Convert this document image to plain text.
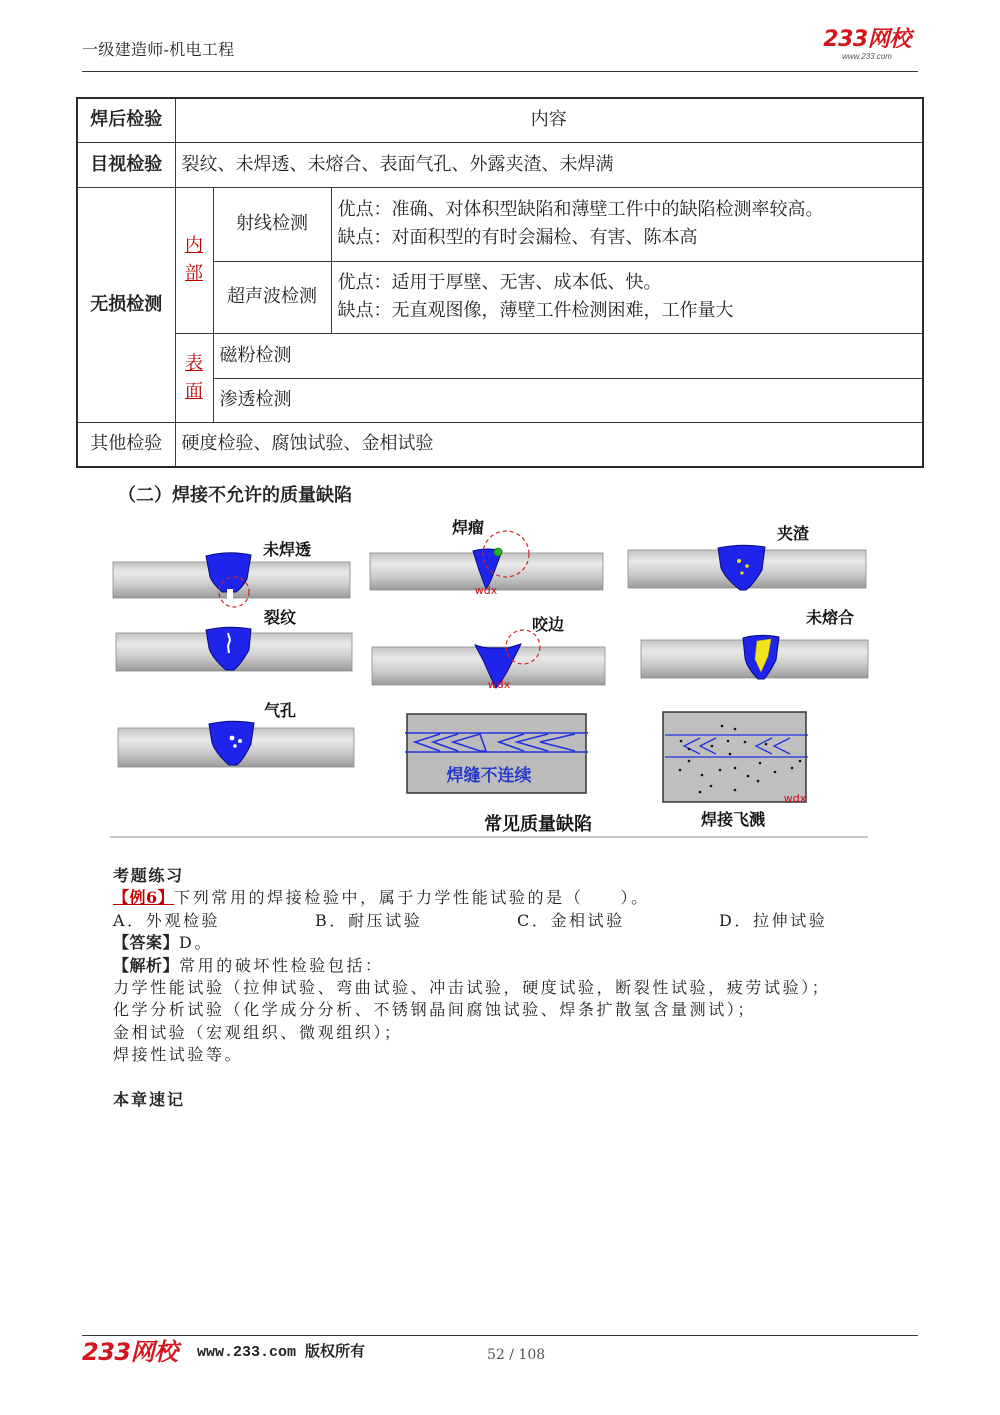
一级建造师-机电工程	233网校
www.233.com
焊后检验	内容		
目视检验	裂纹、未焊透、未熔合、表面气孔、外露夹渣、未焊满		
无损检测	内部	射线检测	优点：准确、对体积型缺陷和薄壁工件中的缺陷检测率较高。
缺点：对面积型的有时会漏检、有害、陈本高

		超声波检测	优点：适用于厚壁、无害、成本低、快。
缺点：无直观图像，薄壁工件检测困难，工作量大

	表面	磁粉检测	
		渗透检测	
其他检验	硬度检验、腐蚀试验、金相试验		
（二）焊接不允许的质量缺陷
未焊透
wdx
焊瘤	夹渣
裂纹
wdx
咬边	未熔合
气孔
焊缝不连续
wdx
常见质量缺陷	焊接飞溅
考题练习
【例6】下列常用的焊接检验中，属于力学性能试验的是（　　）。
A．外观检验	B．耐压试验	C．金相试验	D．拉伸试验
【答案】D。
【解析】常用的破坏性检验包括：
力学性能试验（拉伸试验、弯曲试验、冲击试验，硬度试验，断裂性试验，疲劳试验）；
化学分析试验（化学成分分析、不锈钢晶间腐蚀试验、焊条扩散氢含量测试）；
金相试验（宏观组织、微观组织）；
焊接性试验等。
本章速记
233网校 www.233.com 版权所有	52 / 108
